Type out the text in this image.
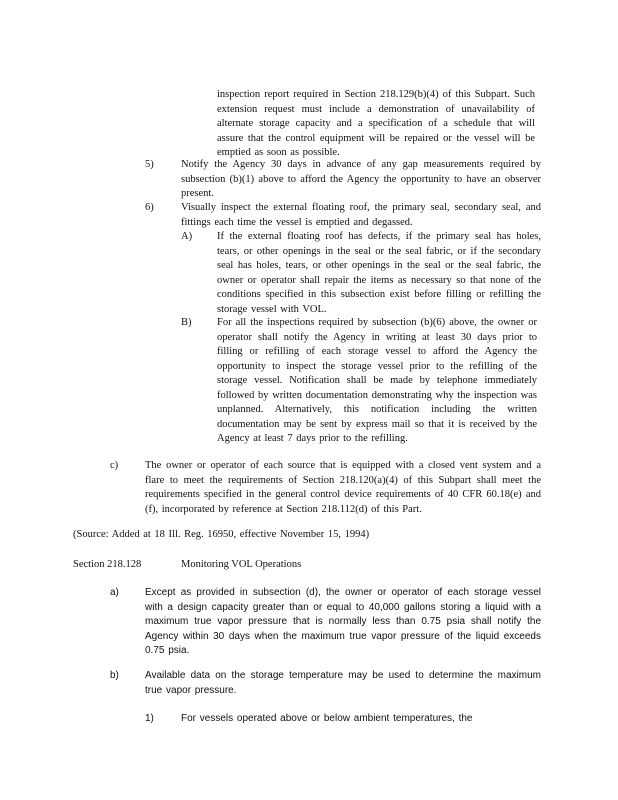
inspection report required in Section 218.129(b)(4) of this Subpart. Such extension request must include a demonstration of unavailability of alternate storage capacity and a specification of a schedule that will assure that the control equipment will be repaired or the vessel will be emptied as soon as possible.
5)	Notify the Agency 30 days in advance of any gap measurements required by subsection (b)(1) above to afford the Agency the opportunity to have an observer present.
6)	Visually inspect the external floating roof, the primary seal, secondary seal, and fittings each time the vessel is emptied and degassed.
A) If the external floating roof has defects, if the primary seal has holes, tears, or other openings in the seal or the seal fabric, or if the secondary seal has holes, tears, or other openings in the seal or the seal fabric, the owner or operator shall repair the items as necessary so that none of the conditions specified in this subsection exist before filling or refilling the storage vessel with VOL.
B) For all the inspections required by subsection (b)(6) above, the owner or operator shall notify the Agency in writing at least 30 days prior to filling or refilling of each storage vessel to afford the Agency the opportunity to inspect the storage vessel prior to the refilling of the storage vessel. Notification shall be made by telephone immediately followed by written documentation demonstrating why the inspection was unplanned. Alternatively, this notification including the written documentation may be sent by express mail so that it is received by the Agency at least 7 days prior to the refilling.
c)	The owner or operator of each source that is equipped with a closed vent system and a flare to meet the requirements of Section 218.120(a)(4) of this Subpart shall meet the requirements specified in the general control device requirements of 40 CFR 60.18(e) and (f), incorporated by reference at Section 218.112(d) of this Part.
(Source: Added at 18 Ill. Reg. 16950, effective November 15, 1994)
Section 218.128	Monitoring VOL Operations
a)	Except as provided in subsection (d), the owner or operator of each storage vessel with a design capacity greater than or equal to 40,000 gallons storing a liquid with a maximum true vapor pressure that is normally less than 0.75 psia shall notify the Agency within 30 days when the maximum true vapor pressure of the liquid exceeds 0.75 psia.
b)	Available data on the storage temperature may be used to determine the maximum true vapor pressure.
1)	For vessels operated above or below ambient temperatures, the
